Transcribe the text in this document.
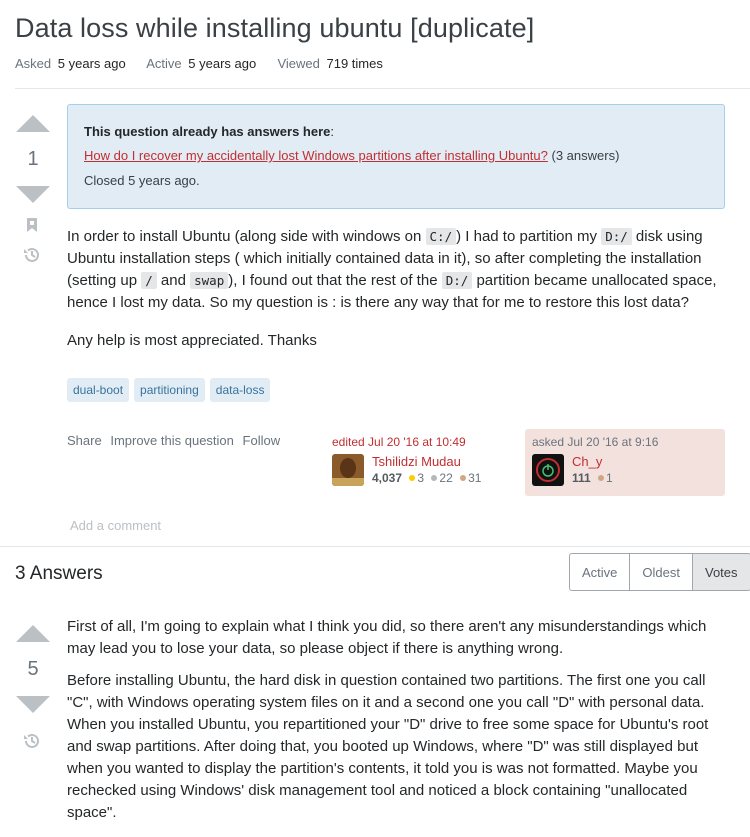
Data loss while installing ubuntu [duplicate]
Asked 5 years ago Active 5 years ago Viewed 719 times
1
This question already has answers here:
How do I recover my accidentally lost Windows partitions after installing Ubuntu? (3 answers)
Closed 5 years ago.

In order to install Ubuntu (along side with windows on C:/ ) I had to partition my D:/ disk using Ubuntu installation steps ( which initially contained data in it), so after completing the installation (setting up / and swap ), I found out that the rest of the D:/ partition became unallocated space, hence I lost my data. So my question is : is there any way that for me to restore this lost data?

Any help is most appreciated. Thanks

dual-boot	partitioning	data-loss
Share Improve this question Follow	edited Jul 20 '16 at 10:49
Tshilidzi Mudau
4,037 3 22 31
asked Jul 20 '16 at 9:16
Ch_y
111 1
Add a comment
3 Answers	Active	Oldest	Votes
5

First of all, I'm going to explain what I think you did, so there aren't any misunderstandings which may lead you to lose your data, so please object if there is anything wrong.

Before installing Ubuntu, the hard disk in question contained two partitions. The first one you call "C", with Windows operating system files on it and a second one you call "D" with personal data. When you installed Ubuntu, you repartitioned your "D" drive to free some space for Ubuntu's root and swap partitions. After doing that, you booted up Windows, where "D" was still displayed but when you wanted to display the partition's contents, it told you is was not formatted. Maybe you rechecked using Windows' disk management tool and noticed a block containing "unallocated space".
